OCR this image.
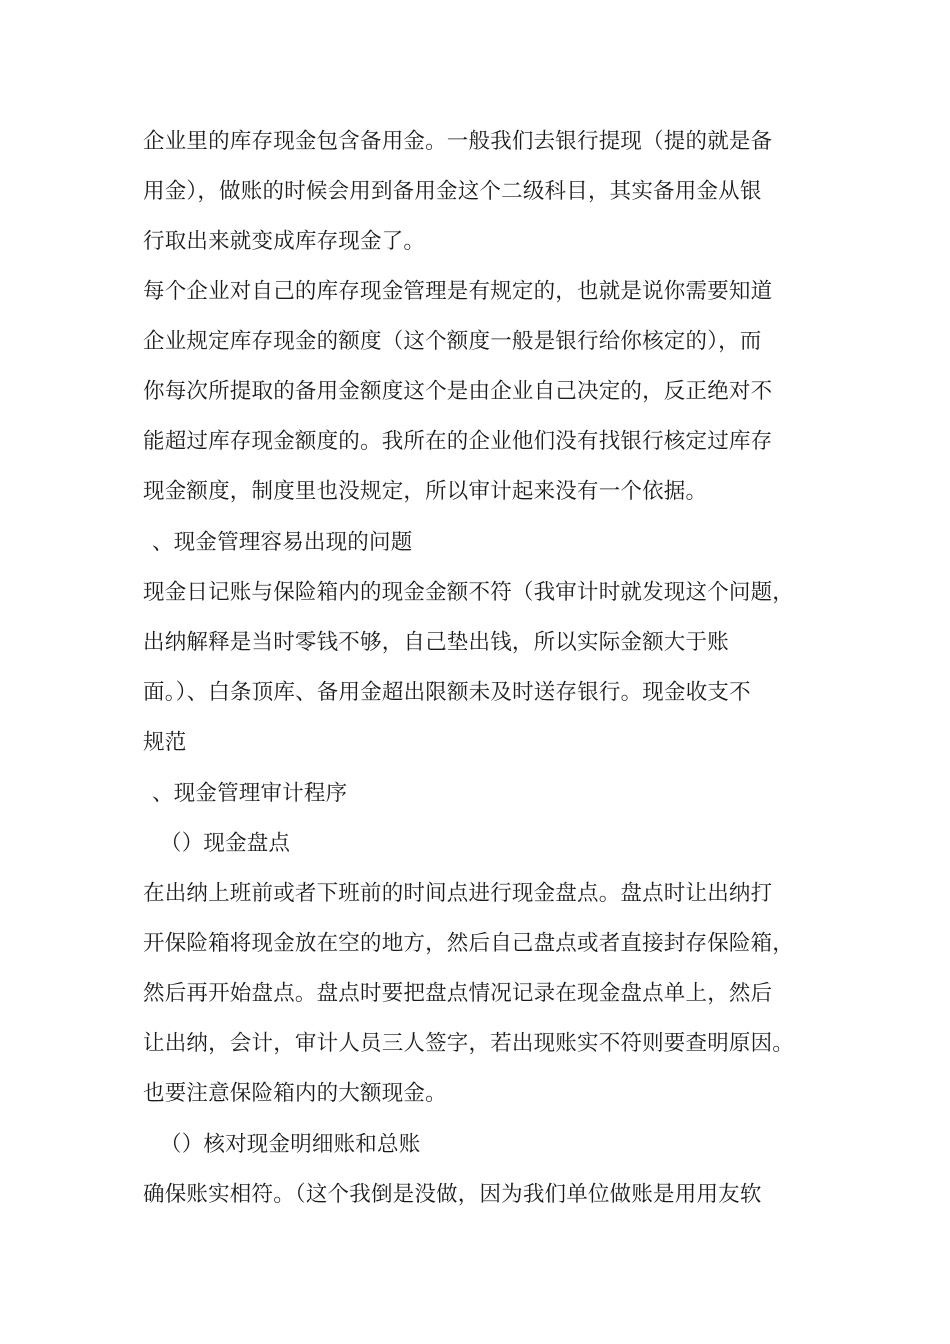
企业里的库存现金包含备用金。一般我们去银行提现（提的就是备
用金），做账的时候会用到备用金这个二级科目，其实备用金从银
行取出来就变成库存现金了。
每个企业对自己的库存现金管理是有规定的，也就是说你需要知道
企业规定库存现金的额度（这个额度一般是银行给你核定的），而
你每次所提取的备用金额度这个是由企业自己决定的，反正绝对不
能超过库存现金额度的。我所在的企业他们没有找银行核定过库存
现金额度，制度里也没规定，所以审计起来没有一个依据。
、现金管理容易出现的问题
现金日记账与保险箱内的现金金额不符（我审计时就发现这个问题，
出纳解释是当时零钱不够，自己垫出钱，所以实际金额大于账
面。）、白条顶库、备用金超出限额未及时送存银行。现金收支不
规范
、现金管理审计程序
（）现金盘点
在出纳上班前或者下班前的时间点进行现金盘点。盘点时让出纳打
开保险箱将现金放在空的地方，然后自己盘点或者直接封存保险箱，
然后再开始盘点。盘点时要把盘点情况记录在现金盘点单上，然后
让出纳，会计，审计人员三人签字，若出现账实不符则要查明原因。
也要注意保险箱内的大额现金。
（）核对现金明细账和总账
确保账实相符。（这个我倒是没做，因为我们单位做账是用用友软
